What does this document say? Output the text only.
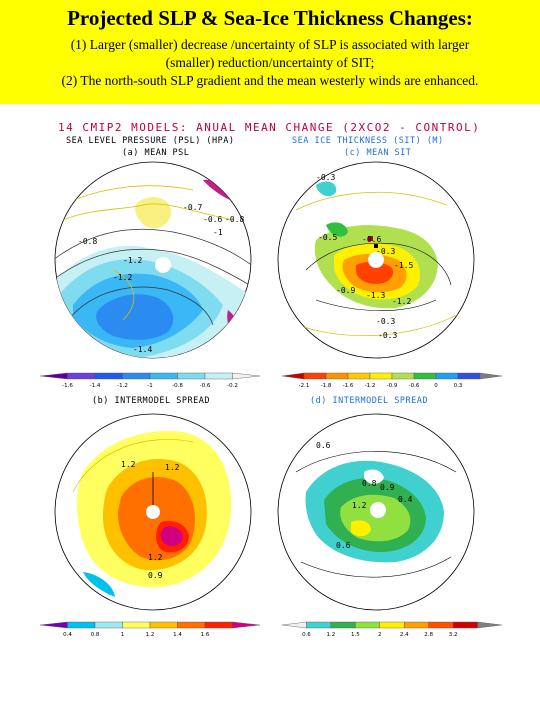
Projected SLP & Sea-Ice Thickness Changes:

(1) Larger (smaller) decrease /uncertainty of SLP is associated with larger
(smaller) reduction/uncertainty of SIT;
(2) The north-south SLP gradient and the mean westerly winds are enhanced.

14 CMIP2 MODELS: ANUAL MEAN CHANGE (2XCO2 - CONTROL)
SEA LEVEL PRESSURE (PSL) (HPA)
(a) MEAN PSL
SEA ICE THICKNESS (SIT) (M)
(c) MEAN SIT
(b) INTERMODEL SPREAD	(d) INTERMODEL SPREAD
-0.7
-0.6 -0.8
-0.8
-1
-1.2
-1.2
-1.4
-0.3
-0.5	-0.6
-0.3
-0.9
-1.5
-1.3
-1.2
-0.3
-0.3
-1.6	-1.4	-1.2	-1	-0.8	-0.6	-0.2	-2.1 -1.8 -1.6 -1.2 -0.9 -0.6	0	0.3
1.2	1.2
1.2
0.9
0.6
0.8 0.9
0.4
1.2
0.6
0.4	0.8	1	1.2	1.4	1.6	0.6	1.2	1.5	2	2.4	2.8	3.2
